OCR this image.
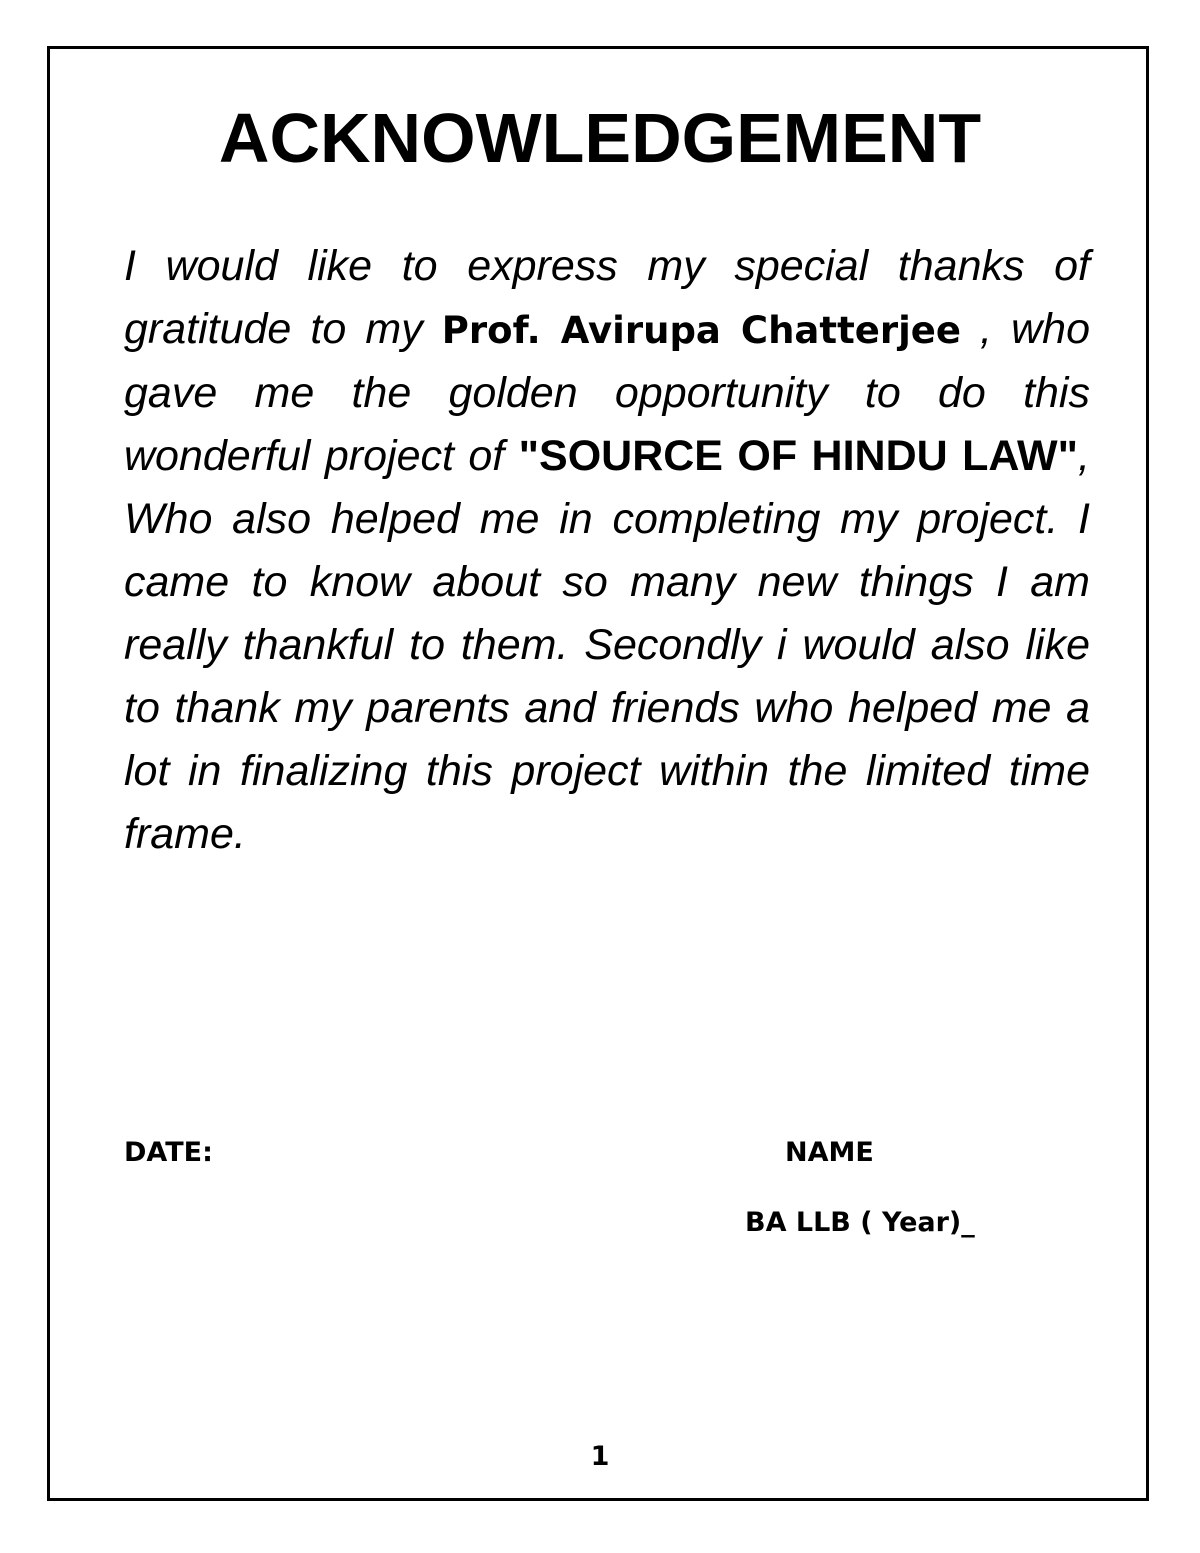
ACKNOWLEDGEMENT

I would like to express my special thanks of gratitude to my Prof. Avirupa Chatterjee , who gave me the golden opportunity to do this wonderful project of "SOURCE OF HINDU LAW", Who also helped me in completing my project. I came to know about so many new things I am really thankful to them. Secondly i would also like to thank my parents and friends who helped me a lot in finalizing this project within the limited time frame.

DATE:	NAME

BA LLB ( Year)_

1
